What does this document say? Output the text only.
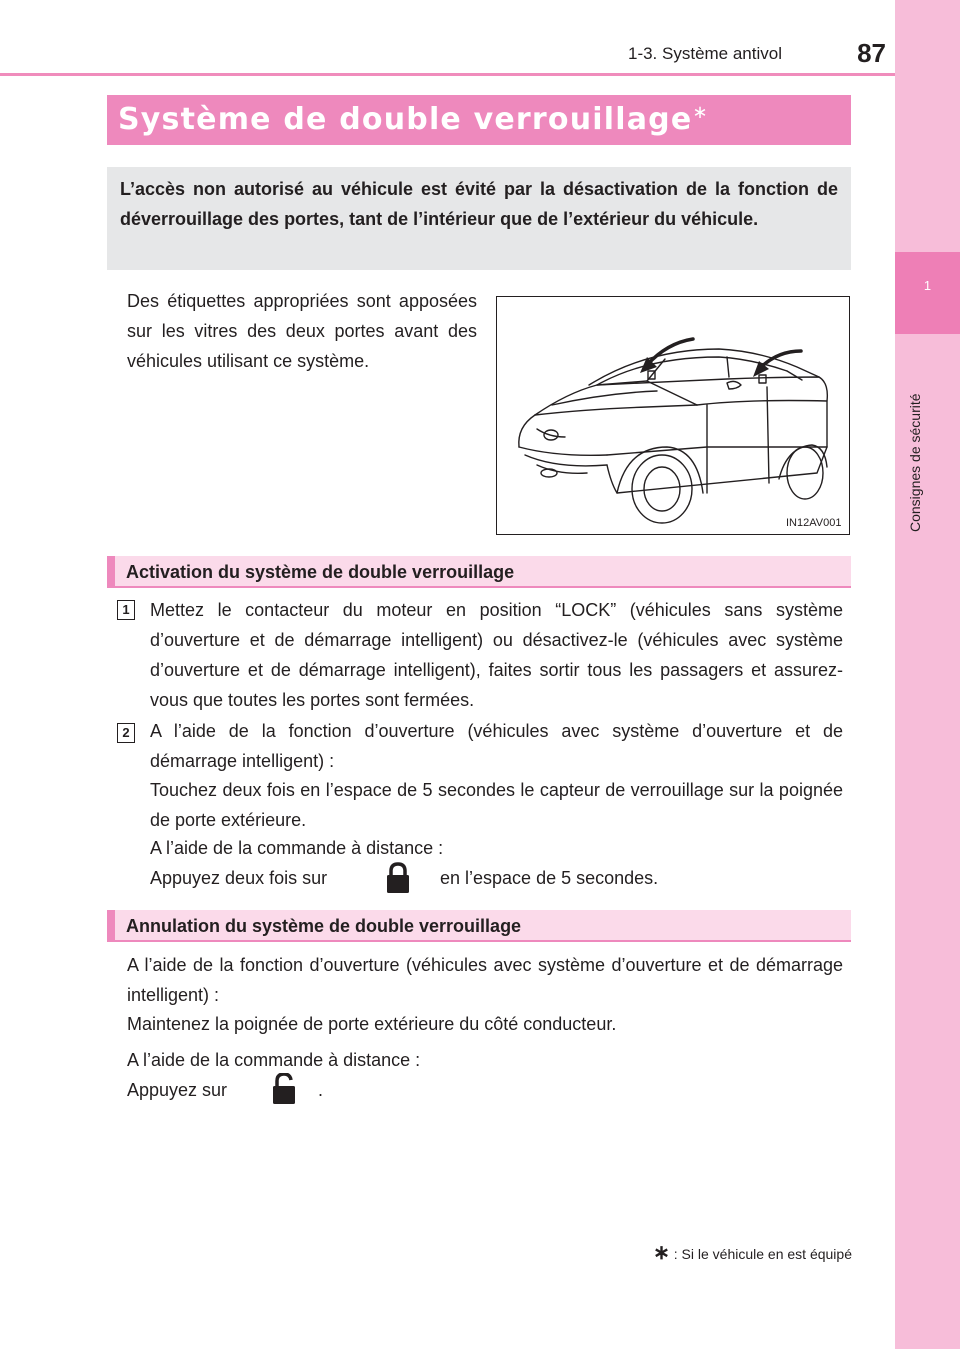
1-3. Système antivol	87
1
Consignes de sécurité
Système de double verrouillage∗
L’accès non autorisé au véhicule est évité par la désactivation de la fonction de déverrouillage des portes, tant de l’intérieur que de l’extérieur du véhicule.
Des étiquettes appropriées sont apposées sur les vitres des deux portes avant des véhicules utilisant ce système.
IN12AV001
Activation du système de double verrouillage
1 Mettez le contacteur du moteur en position “LOCK” (véhicules sans système d’ouverture et de démarrage intelligent) ou désactivez-le (véhicules avec système d’ouverture et de démarrage intelligent), faites sortir tous les passagers et assurez-vous que toutes les portes sont fermées.
2 A l’aide de la fonction d’ouverture (véhicules avec système d’ouverture et de démarrage intelligent) :
Touchez deux fois en l’espace de 5 secondes le capteur de verrouillage sur la poignée de porte extérieure.
A l’aide de la commande à distance :
Appuyez deux fois sur	en l’espace de 5 secondes.
Annulation du système de double verrouillage
A l’aide de la fonction d’ouverture (véhicules avec système d’ouverture et de démarrage intelligent) :
Maintenez la poignée de porte extérieure du côté conducteur.
A l’aide de la commande à distance :
Appuyez sur	.
∗ : Si le véhicule en est équipé
